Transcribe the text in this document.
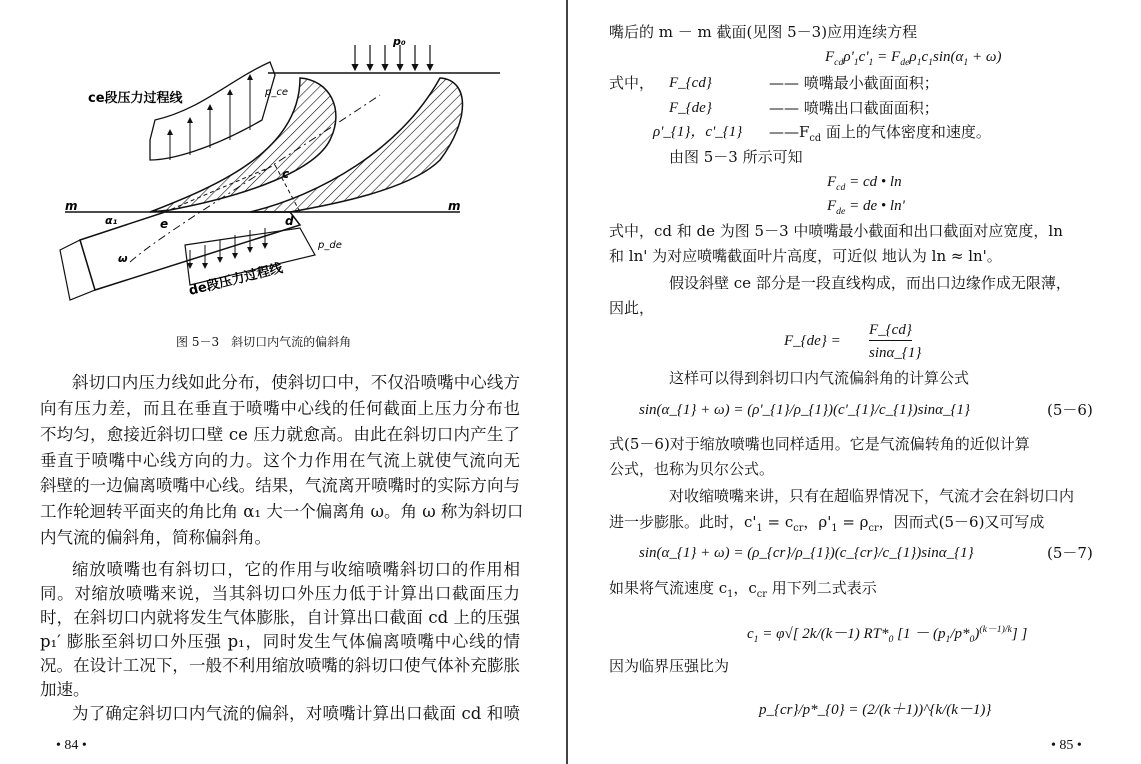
ce段压力过程线
de段压力过程线
p₀
p_ce
p_de
m	m
α₁
ω
c
d
e
图 5－3　斜切口内气流的偏斜角
斜切口内压力线如此分布，使斜切口中，不仅沿喷嘴中心线方
向有压力差，而且在垂直于喷嘴中心线的任何截面上压力分布也
不均匀，愈接近斜切口壁 ce 压力就愈高。由此在斜切口内产生了
垂直于喷嘴中心线方向的力。这个力作用在气流上就使气流向无
斜壁的一边偏离喷嘴中心线。结果，气流离开喷嘴时的实际方向与
工作轮迴转平面夹的角比角 α₁ 大一个偏离角 ω。角 ω 称为斜切口
内气流的偏斜角，简称偏斜角。
缩放喷嘴也有斜切口，它的作用与收缩喷嘴斜切口的作用相
同。对缩放喷嘴来说，当其斜切口外压力低于计算出口截面压力
时，在斜切口内就将发生气体膨胀，自计算出口截面 cd 上的压强
p₁′ 膨胀至斜切口外压强 p₁，同时发生气体偏离喷嘴中心线的情
况。在设计工况下，一般不利用缩放喷嘴的斜切口使气体补充膨胀
加速。
为了确定斜切口内气流的偏斜，对喷嘴计算出口截面 cd 和喷
• 84 •
嘴后的 m － m 截面(见图 5－3)应用连续方程
$F_{cd}\rho'_1c'_1 = F_{de}\rho_1c_1\sin(\alpha_1 + \omega)$
式中， F_{cd}	—— 喷嘴最小截面面积；
F_{de}	—— 喷嘴出口截面面积；
ρ'_{1}，c'_{1} $——F_{cd}$ 面上的气体密度和速度。
由图 5－3 所示可知
$F_{cd}$ = cd • ln
$F_{de}$ = de • ln'
式中，cd 和 de 为图 5－3 中喷嘴最小截面和出口截面对应宽度，ln
和 ln' 为对应喷嘴截面叶片高度，可近似 地认为 ln ≈ ln'。
假设斜壁 ce 部分是一段直线构成，而出口边缘作成无限薄，
因此，
F_{de} =
F_{cd}
sinα_{1}
这样可以得到斜切口内气流偏斜角的计算公式
sin(α_{1} + ω) = (ρ'_{1}/ρ_{1})(c'_{1}/c_{1})sinα_{1}	(5－6)
式(5－6)对于缩放喷嘴也同样适用。它是气流偏转角的近似计算
公式，也称为贝尔公式。
对收缩喷嘴来讲，只有在超临界情况下，气流才会在斜切口内
进一步膨胀。此时，$c'_1 = c_{cr}$，$\rho'_1 = \rho_{cr}$，因而式(5－6)又可写成
sin(α_{1} + ω) = (ρ_{cr}/ρ_{1})(c_{cr}/c_{1})sinα_{1}	(5－7)
如果将气流速度 $c_1$，$c_{cr}$ 用下列二式表示
$c_1 = \varphi√$[ 2k/(k－1) $RT*_0$ $[1 - (p_1/p*_0)^{(k-1)/k}]$ ]
因为临界压强比为
p_{cr}/p*_{0} = (2/(k＋1))^{k/(k－1)}
• 85 •
